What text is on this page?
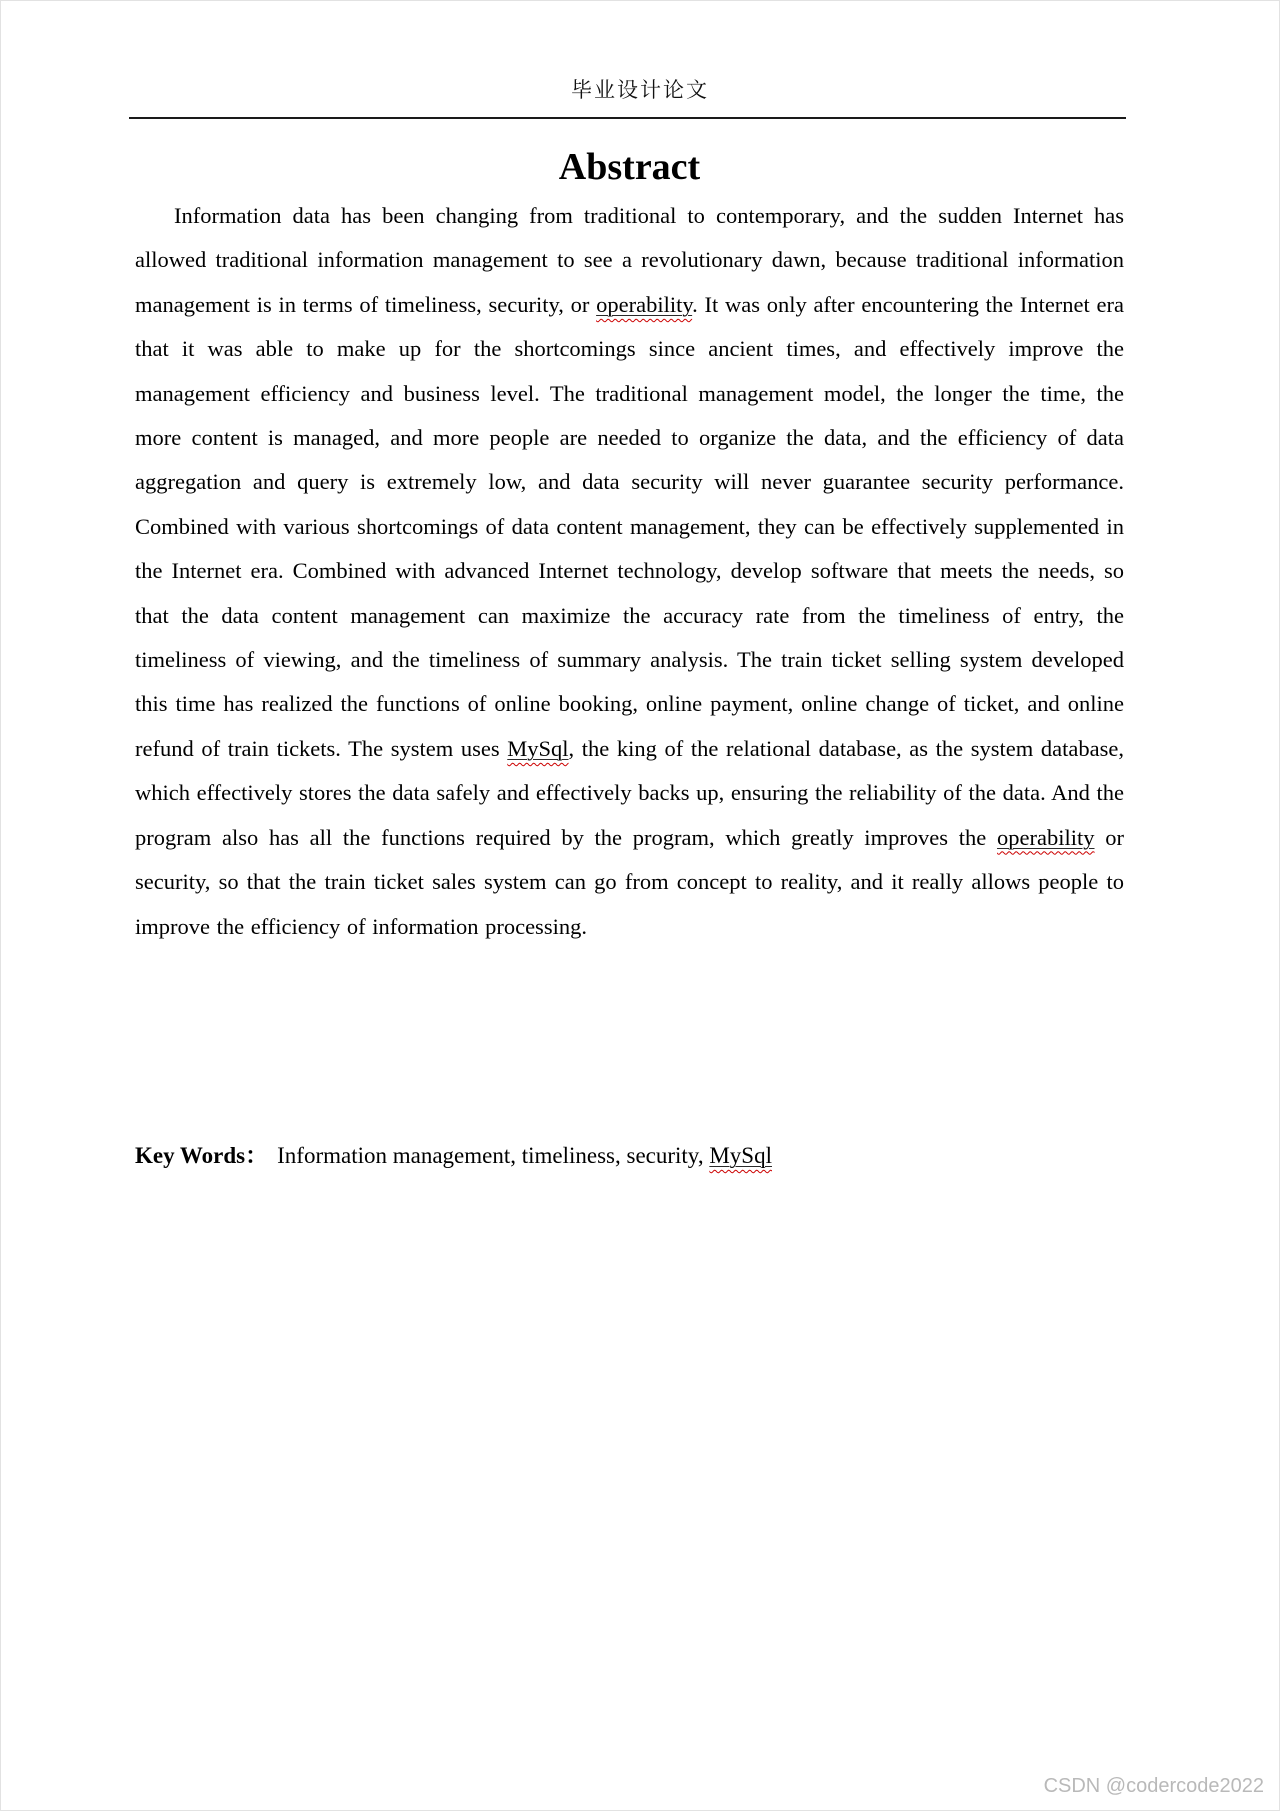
毕业设计论文
Abstract

Information data has been changing from traditional to contemporary, and the sudden Internet has allowed traditional information management to see a revolutionary dawn, because traditional information management is in terms of timeliness, security, or operability. It was only after encountering the Internet era that it was able to make up for the shortcomings since ancient times, and effectively improve the management efficiency and business level. The traditional management model, the longer the time, the more content is managed, and more people are needed to organize the data, and the efficiency of data aggregation and query is extremely low, and data security will never guarantee security performance. Combined with various shortcomings of data content management, they can be effectively supplemented in the Internet era. Combined with advanced Internet technology, develop software that meets the needs, so that the data content management can maximize the accuracy rate from the timeliness of entry, the timeliness of viewing, and the timeliness of summary analysis. The train ticket selling system developed this time has realized the functions of online booking, online payment, online change of ticket, and online refund of train tickets. The system uses MySql, the king of the relational database, as the system database, which effectively stores the data safely and effectively backs up, ensuring the reliability of the data. And the program also has all the functions required by the program, which greatly improves the operability or security, so that the train ticket sales system can go from concept to reality, and it really allows people to improve the efficiency of information processing.

Key Words： Information management, timeliness, security, MySql

CSDN @codercode2022
